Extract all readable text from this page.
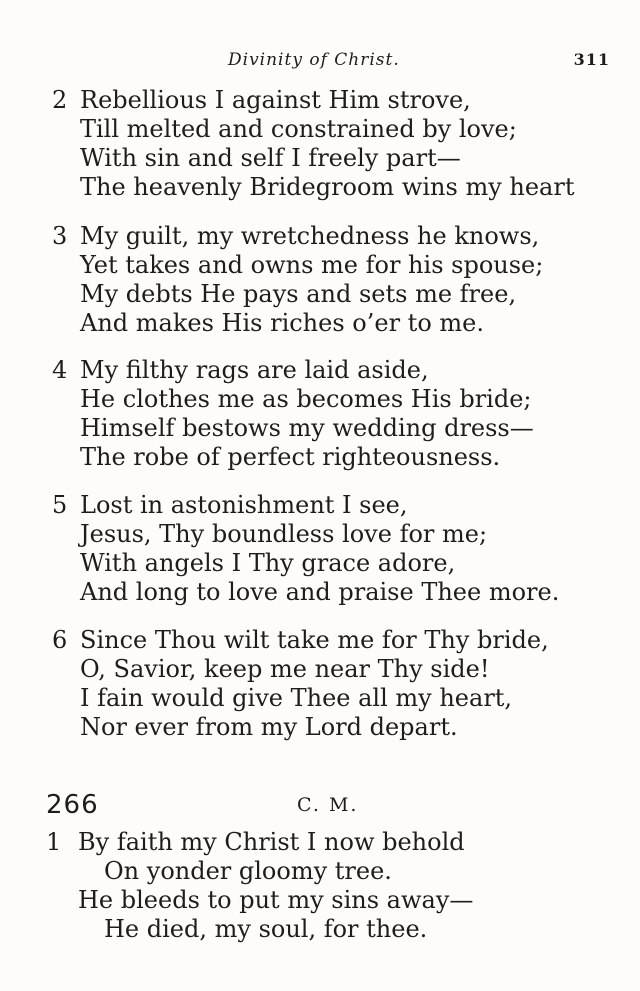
Divinity of Christ.	311
2 Rebellious I against Him strove,
Till melted and constrained by love;
With sin and self I freely part—
The heavenly Bridegroom wins my heart
3 My guilt, my wretchedness he knows,
Yet takes and owns me for his spouse;
My debts He pays and sets me free,
And makes His riches o’er to me.
4 My filthy rags are laid aside,
He clothes me as becomes His bride;
Himself bestows my wedding dress—
The robe of perfect righteousness.
5 Lost in astonishment I see,
Jesus, Thy boundless love for me;
With angels I Thy grace adore,
And long to love and praise Thee more.
6 Since Thou wilt take me for Thy bride,
O, Savior, keep me near Thy side!
I fain would give Thee all my heart,
Nor ever from my Lord depart.
266	C. M.
1 By faith my Christ I now behold
On yonder gloomy tree.
He bleeds to put my sins away—
He died, my soul, for thee.
